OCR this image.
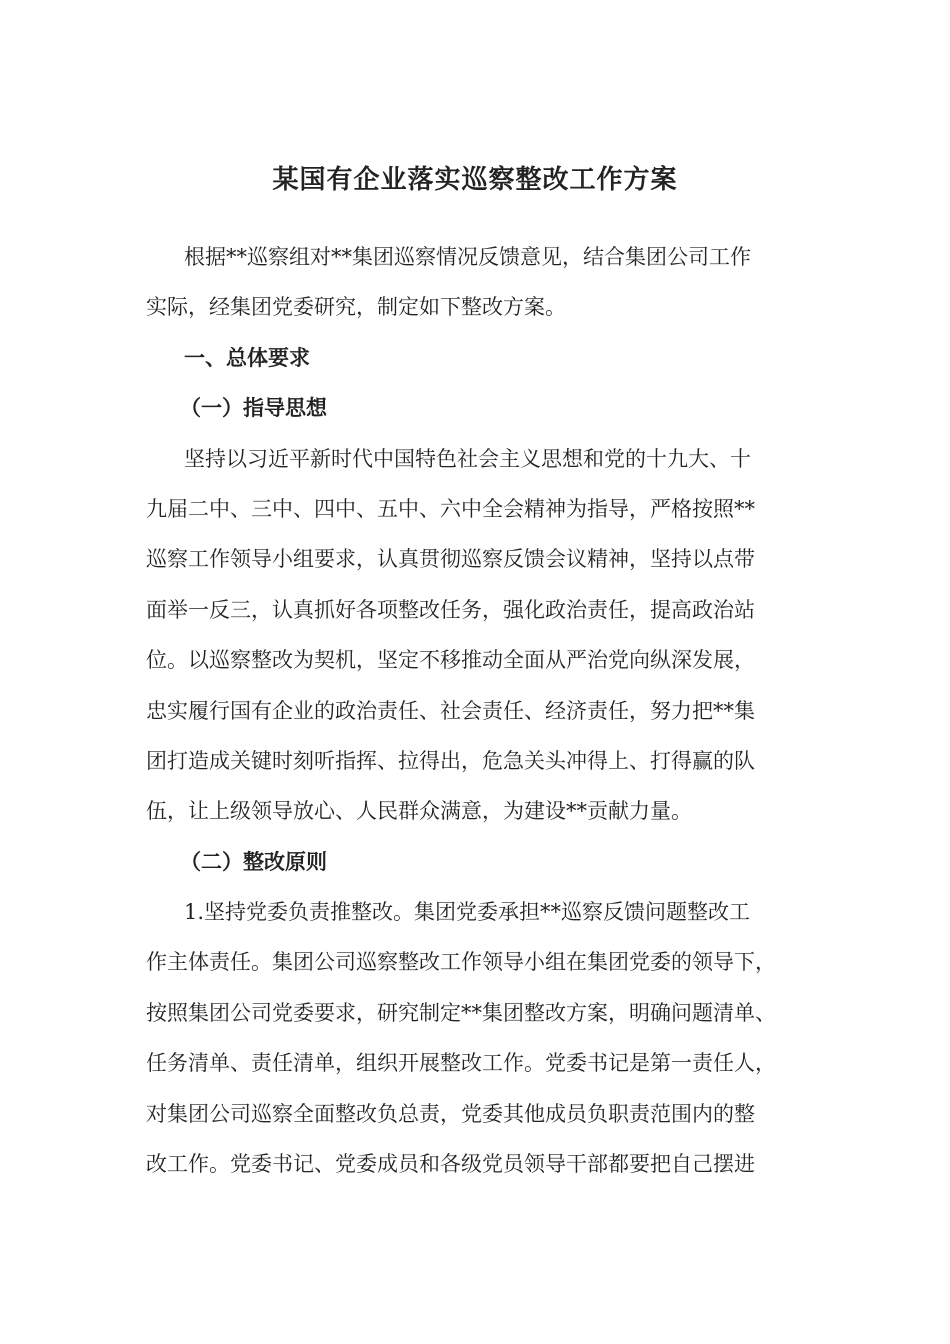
某国有企业落实巡察整改工作方案
根据**巡察组对**集团巡察情况反馈意见，结合集团公司工作
实际，经集团党委研究，制定如下整改方案。
一、总体要求
（一）指导思想
坚持以习近平新时代中国特色社会主义思想和党的十九大、十
九届二中、三中、四中、五中、六中全会精神为指导，严格按照**
巡察工作领导小组要求，认真贯彻巡察反馈会议精神，坚持以点带
面举一反三，认真抓好各项整改任务，强化政治责任，提高政治站
位。以巡察整改为契机，坚定不移推动全面从严治党向纵深发展，
忠实履行国有企业的政治责任、社会责任、经济责任，努力把**集
团打造成关键时刻听指挥、拉得出，危急关头冲得上、打得赢的队
伍，让上级领导放心、人民群众满意，为建设**贡献力量。
（二）整改原则
1.坚持党委负责推整改。集团党委承担**巡察反馈问题整改工
作主体责任。集团公司巡察整改工作领导小组在集团党委的领导下，
按照集团公司党委要求，研究制定**集团整改方案，明确问题清单、
任务清单、责任清单，组织开展整改工作。党委书记是第一责任人，
对集团公司巡察全面整改负总责，党委其他成员负职责范围内的整
改工作。党委书记、党委成员和各级党员领导干部都要把自己摆进
